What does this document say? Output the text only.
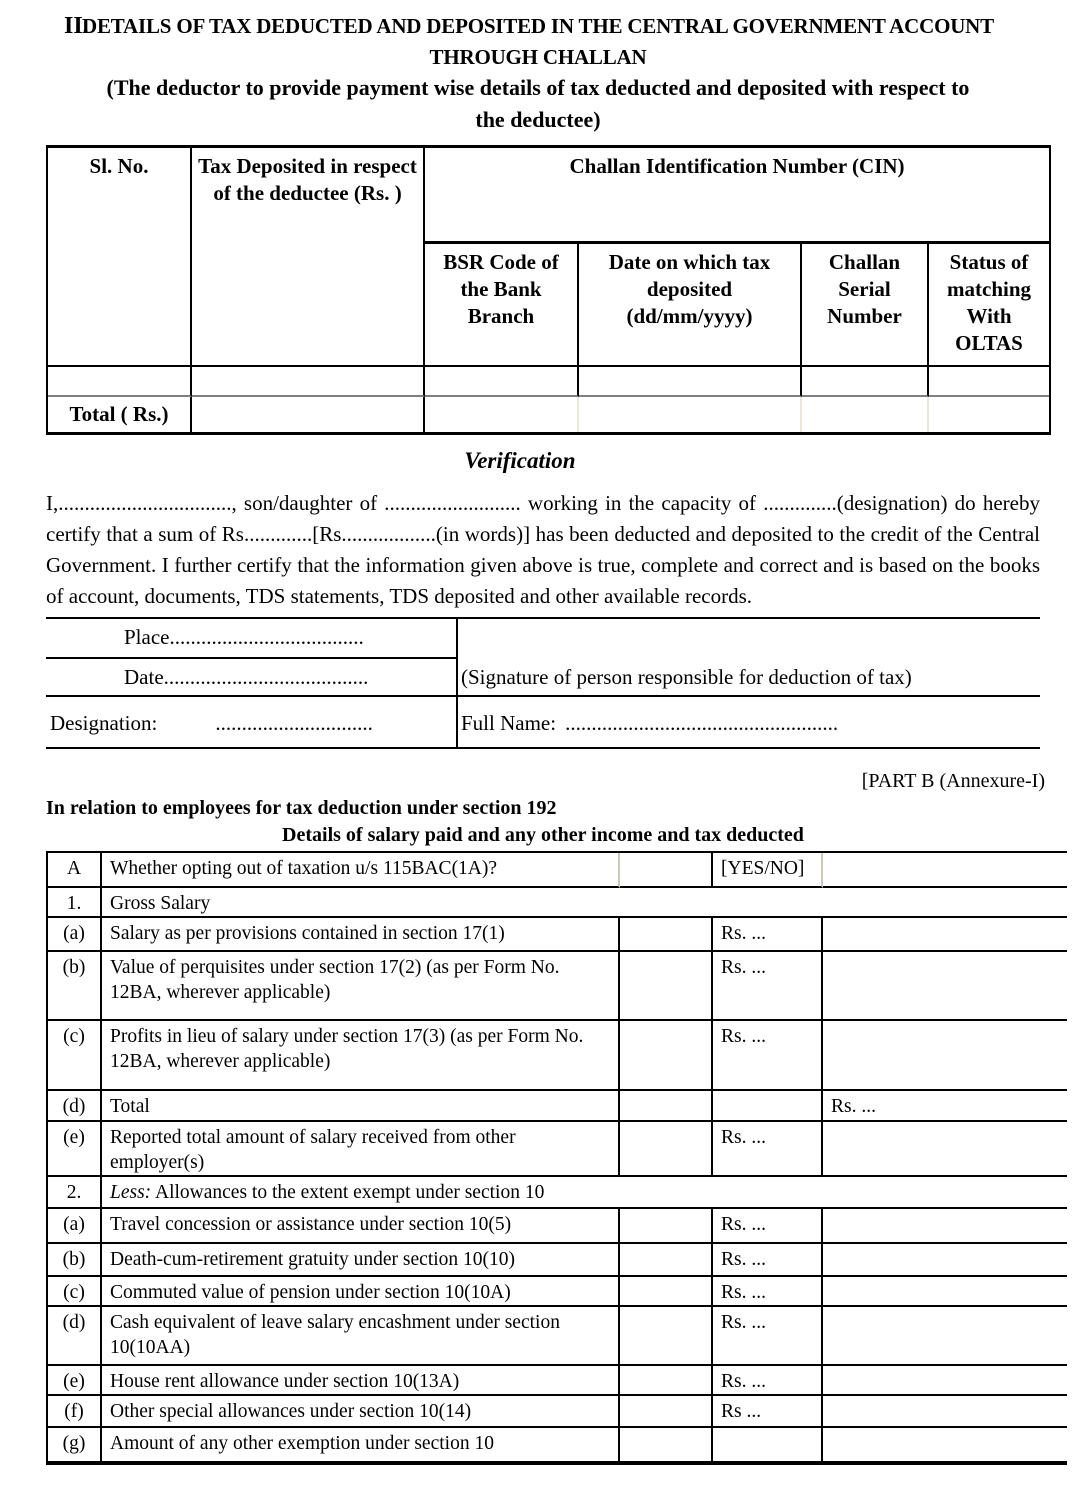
II.
DETAILS OF TAX DEDUCTED AND DEPOSITED IN THE CENTRAL GOVERNMENT ACCOUNT
THROUGH CHALLAN
(The deductor to provide payment wise details of tax deducted and deposited with respect to
the deductee)
Sl. No.	Tax Deposited in respect of the deductee (Rs. )	Challan Identification Number (CIN)			
		BSR Code of the Bank Branch	Date on which tax deposited (dd/mm/yyyy)	Challan Serial Number	Status of matching With OLTAS

Total ( Rs.)					
Verification
I,................................., son/daughter of .......................... working in the capacity of ..............(designation) do hereby certify that a sum of Rs.............[Rs..................(in words)] has been deducted and deposited to the credit of the Central Government. I further certify that the information given above is true, complete and correct and is based on the books of account, documents, TDS statements, TDS deposited and other available records.
Place.....................................
(Signature of person responsible for deduction of tax)
Date.......................................
Designation:	..............................	Full Name: ....................................................
[PART B (Annexure-I)
In relation to employees for tax deduction under section 192
Details of salary paid and any other income and tax deducted
A	Whether opting out of taxation u/s 115BAC(1A)?		[YES/NO]	
1.	Gross Salary			
(a)	Salary as per provisions contained in section 17(1)		Rs. ...	
(b)	Value of perquisites under section 17(2) (as per Form No. 12BA, wherever applicable)		Rs. ...	
(c)	Profits in lieu of salary under section 17(3) (as per Form No. 12BA, wherever applicable)		Rs. ...	
(d)	Total			Rs. ...
(e)	Reported total amount of salary received from other employer(s)		Rs. ...	
2.	Less: Allowances to the extent exempt under section 10			
(a)	Travel concession or assistance under section 10(5)		Rs. ...	
(b)	Death-cum-retirement gratuity under section 10(10)		Rs. ...	
(c)	Commuted value of pension under section 10(10A)		Rs. ...	
(d)	Cash equivalent of leave salary encashment under section 10(10AA)		Rs. ...	
(e)	House rent allowance under section 10(13A)		Rs. ...	
(f)	Other special allowances under section 10(14)		Rs ...	
(g)	Amount of any other exemption under section 10			
